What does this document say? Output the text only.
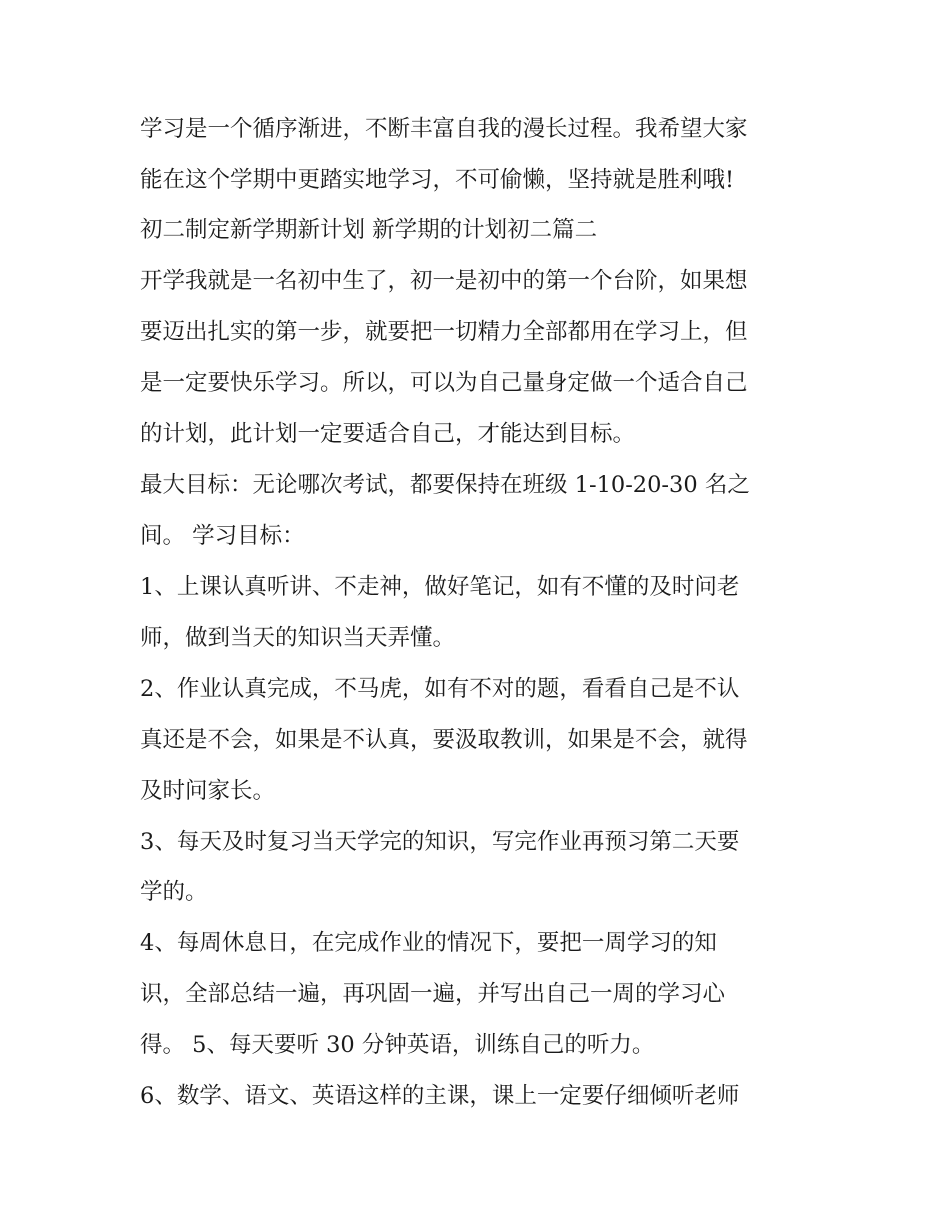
学习是一个循序渐进，不断丰富自我的漫长过程。我希望大家
能在这个学期中更踏实地学习，不可偷懒，坚持就是胜利哦!
初二制定新学期新计划 新学期的计划初二篇二
开学我就是一名初中生了，初一是初中的第一个台阶，如果想
要迈出扎实的第一步，就要把一切精力全部都用在学习上，但
是一定要快乐学习。所以，可以为自己量身定做一个适合自己
的计划，此计划一定要适合自己，才能达到目标。
最大目标：无论哪次考试，都要保持在班级 1-10-20-30 名之
间。 学习目标：
1、上课认真听讲、不走神，做好笔记，如有不懂的及时问老
师，做到当天的知识当天弄懂。
2、作业认真完成，不马虎，如有不对的题，看看自己是不认
真还是不会，如果是不认真，要汲取教训，如果是不会，就得
及时问家长。
3、每天及时复习当天学完的知识，写完作业再预习第二天要
学的。
4、每周休息日，在完成作业的情况下，要把一周学习的知
识，全部总结一遍，再巩固一遍，并写出自己一周的学习心
得。 5、每天要听 30 分钟英语，训练自己的听力。
6、数学、语文、英语这样的主课，课上一定要仔细倾听老师
